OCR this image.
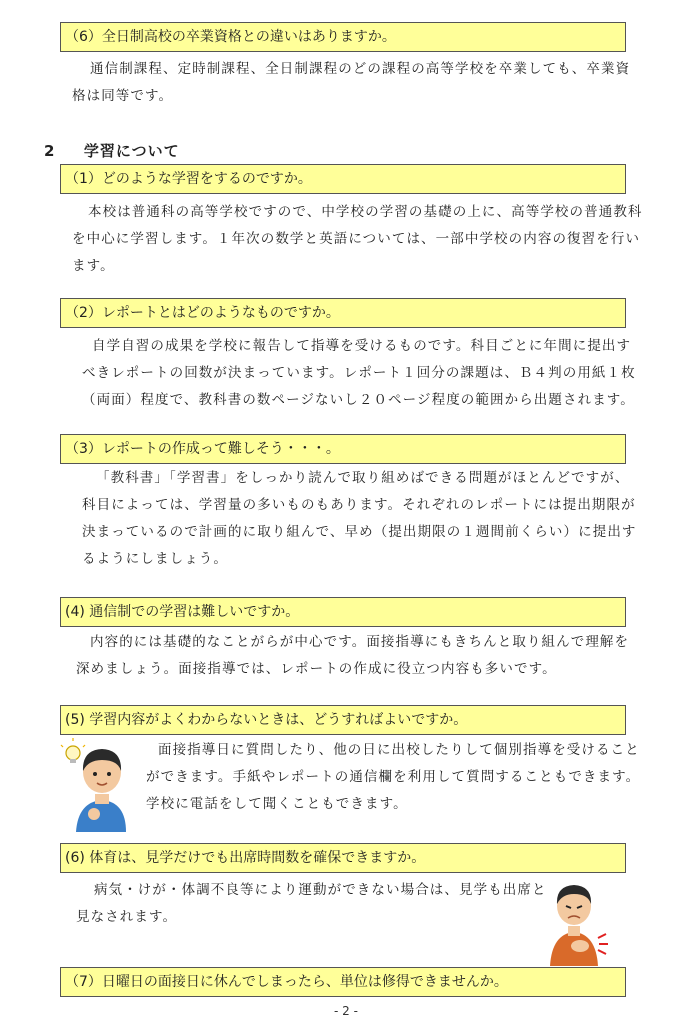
（6）全日制高校の卒業資格との違いはありますか。
通信制課程、定時制課程、全日制課程のどの課程の高等学校を卒業しても、卒業資
格は同等です。
2 学習について
（1）どのような学習をするのですか。
本校は普通科の高等学校ですので、中学校の学習の基礎の上に、高等学校の普通教科
を中心に学習します。１年次の数学と英語については、一部中学校の内容の復習を行い
ます。
（2）レポートとはどのようなものですか。
自学自習の成果を学校に報告して指導を受けるものです。科目ごとに年間に提出す
べきレポートの回数が決まっています。レポート１回分の課題は、Ｂ４判の用紙１枚
（両面）程度で、教科書の数ページないし２０ページ程度の範囲から出題されます。
（3）レポートの作成って難しそう・・・。
「教科書」「学習書」をしっかり読んで取り組めばできる問題がほとんどですが、
科目によっては、学習量の多いものもあります。それぞれのレポートには提出期限が
決まっているので計画的に取り組んで、早め（提出期限の１週間前くらい）に提出す
るようにしましょう。
(4) 通信制での学習は難しいですか。
内容的には基礎的なことがらが中心です。面接指導にもきちんと取り組んで理解を
深めましょう。面接指導では、レポートの作成に役立つ内容も多いです。
(5) 学習内容がよくわからないときは、どうすればよいですか。
面接指導日に質問したり、他の日に出校したりして個別指導を受けること
ができます。手紙やレポートの通信欄を利用して質問することもできます。
学校に電話をして聞くこともできます。
(6) 体育は、見学だけでも出席時間数を確保できますか。
病気・けが・体調不良等により運動ができない場合は、見学も出席と
見なされます。
（7）日曜日の面接日に休んでしまったら、単位は修得できませんか。
- 2 -
